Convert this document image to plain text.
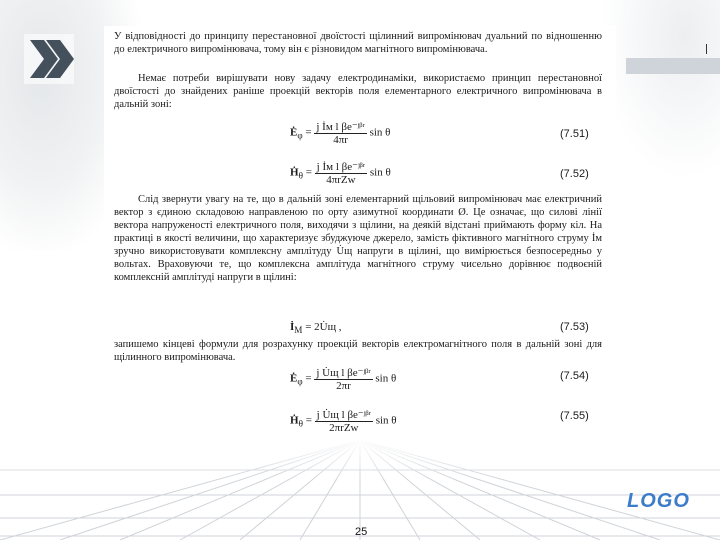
У відповідності до принципу перестановної двоїстості щілинний випромінювач дуальний по відношенню до електричного випромінювача, тому він є різновидом магнітного випромінювача.

Немає потреби вирішувати нову задачу електродинаміки, використаємо принцип перестановної двоїстості до знайдених раніше проекцій векторів поля елементарного електричного випромінювача в дальній зоні:

$Ė_\varphi = \frac{\text{j İм l βe⁻ʲᵝʳ}}{4\pi r}$ sin θ	(7.51)
Ḣ$_\theta$ = $\frac{\text{j İм l βe⁻ʲᵝʳ}}{\text{4πrZw}}$ sin θ	(7.52)

Слід звернути увагу на те, що в дальній зоні елементарний щільовий випромінювач має електричний вектор з єдиною складовою направленою по орту азимутної координати Ø. Це означає, що силові лінії вектора напруженості електричного поля, виходячи з щілини, на деякій відстані приймають форму кіл. На практиці в якості величини, що характеризує збуджуюче джерело, замість фіктивного магнітного струму İм зручно використовувати комплексну амплітуду U̇щ напруги в щілині, що вимірюється безпосередньо у вольтах. Враховуючи те, що комплексна амплітуда магнітного струму чисельно дорівнює подвоєній комплексній амплітуді напруги в щілині:

$İ_М$ = 2U̇щ ,	(7.53)

запишемо кінцеві формули для розрахунку проекцій векторів електромагнітного поля в дальній зоні для щілинного випромінювача.

$Ė_\varphi = \frac{\text{j U̇щ l βe⁻ʲᵝʳ}}{2\pi r}$ sin θ	(7.54)
Ḣ$_\theta$ = $\frac{\text{j U̇щ l βe⁻ʲᵝʳ}}{\text{2πrZw}}$ sin θ	(7.55)
LOGO
25
